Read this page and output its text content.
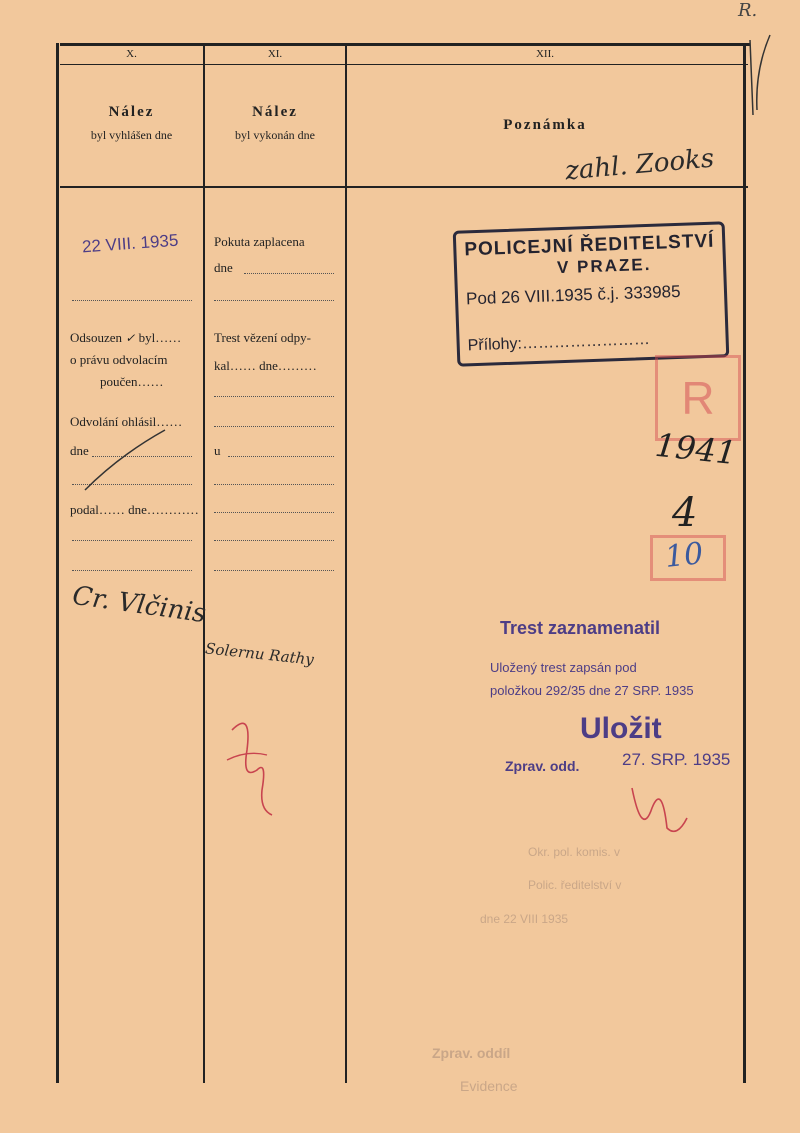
R.
X.
Nález
byl vyhlášen dne
XI.
Nález
byl vykonán dne
XII.
Poznámka
22 VIII. 1935
Odsouzen ✓ byl……
o právu odvolacím
poučen……
Odvolání ohlásil……
dne
podal…… dne…………
Cr. Vlčinis
Pokuta zaplacena
dne
Trest vězení odpy-
kal…… dne………
u
Solernu Rathy
zahl. Zooks
POLICEJNÍ ŘEDITELSTVÍ
V PRAZE.
Pod 26 VIII.1935 č.j. 333985
Přílohy:……………………
R
1941
4
10
Trest zaznamenatil
Uložený trest zapsán pod
položkou 292/35 dne 27 SRP. 1935
Uložit
Zprav. odd.	27. SRP. 1935
Okr. pol. komis. v
Polic. ředitelství v
dne 22 VIII 1935
Zprav. oddíl
Evidence
